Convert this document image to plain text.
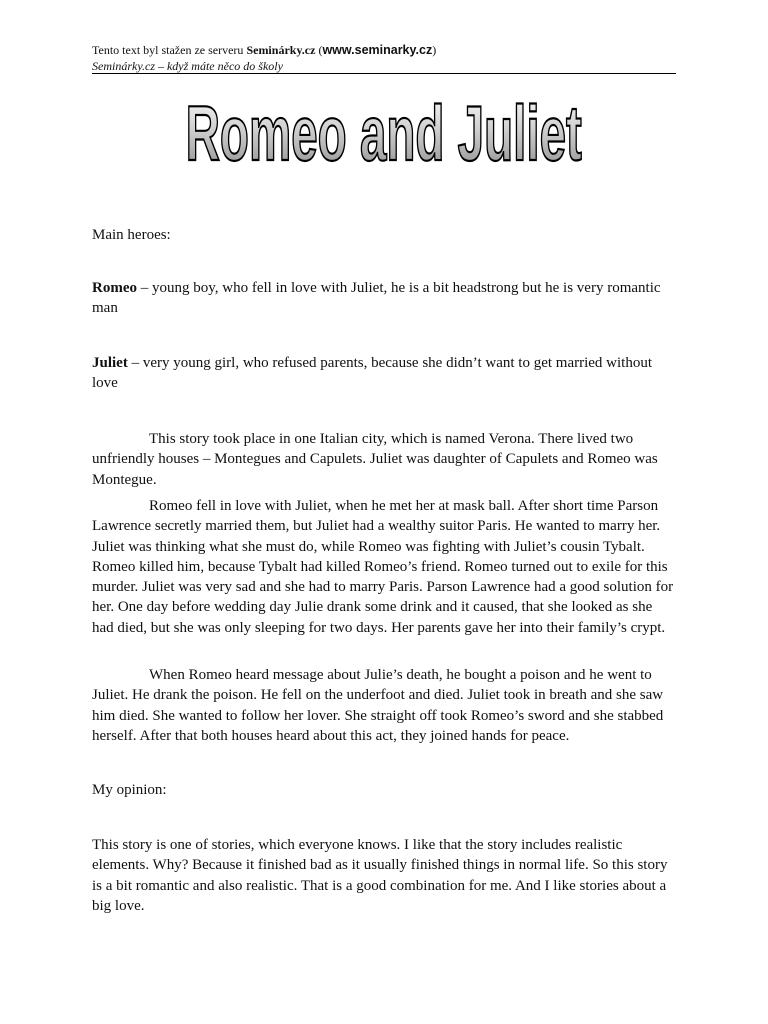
Tento text byl stažen ze serveru Seminárky.cz (www.seminarky.cz)
Seminárky.cz – když máte něco do školy
Romeo and Juliet

Main heroes:

Romeo – young boy, who fell in love with Juliet, he is a bit headstrong but he is very romantic man

Juliet – very young girl, who refused parents, because she didn’t want to get married without love

This story took place in one Italian city, which is named Verona. There lived two unfriendly houses – Montegues and Capulets. Juliet was daughter of Capulets and Romeo was Montegue.

Romeo fell in love with Juliet, when he met her at mask ball. After short time Parson Lawrence secretly married them, but Juliet had a wealthy suitor Paris. He wanted to marry her. Juliet was thinking what she must do, while Romeo was fighting with Juliet’s cousin Tybalt. Romeo killed him, because Tybalt had killed Romeo’s friend. Romeo turned out to exile for this murder. Juliet was very sad and she had to marry Paris. Parson Lawrence had a good solution for her. One day before wedding day Julie drank some drink and it caused, that she looked as she had died, but she was only sleeping for two days. Her parents gave her into their family’s crypt.

When Romeo heard message about Julie’s death, he bought a poison and he went to Juliet. He drank the poison. He fell on the underfoot and died. Juliet took in breath and she saw him died. She wanted to follow her lover. She straight off took Romeo’s sword and she stabbed herself. After that both houses heard about this act, they joined hands for peace.

My opinion:

This story is one of stories, which everyone knows. I like that the story includes realistic elements. Why? Because it finished bad as it usually finished things in normal life. So this story is a bit romantic and also realistic. That is a good combination for me. And I like stories about a big love.
